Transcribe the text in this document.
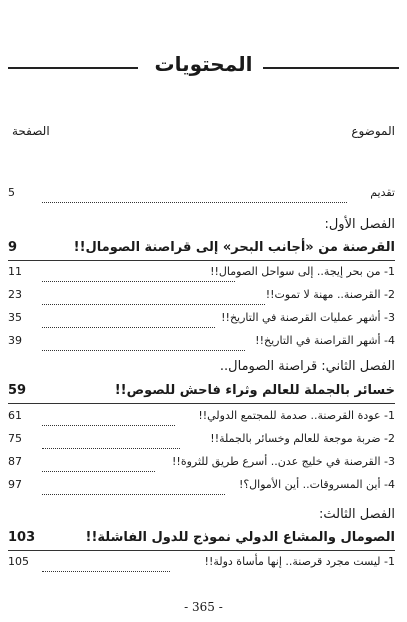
المحتويات
الموضوع
الصفحة
تقديم
5
الفصل الأول:
القرصنة من «أجانب البحر» إلى قراصنة الصومال!!
9
1- من بحر إيجة.. إلى سواحل الصومال!!
11
2- القرصنة.. مهنة لا تموت!!
23
3- أشهر عمليات القرصنة في التاريخ!!
35
4- أشهر القراصنة في التاريخ!!
39
الفصل الثاني: قراصنة الصومال..
خسائر بالجملة للعالم وثراء فاحش للصوص!!
59
1- عودة القرصنة.. صدمة للمجتمع الدولي!!
61
2- ضربة موجعة للعالم وخسائر بالجملة!!
75
3- القرصنة في خليج عدن.. أسرع طريق للثروة!!
87
4- أين المسروقات.. أين الأموال؟!
97
الفصل الثالث:
الصومال والمشاع الدولي نموذج للدول الفاشلة!!
103
1- ليست مجرد قرصنة.. إنها مأساة دولة!!
105
- 365 -
